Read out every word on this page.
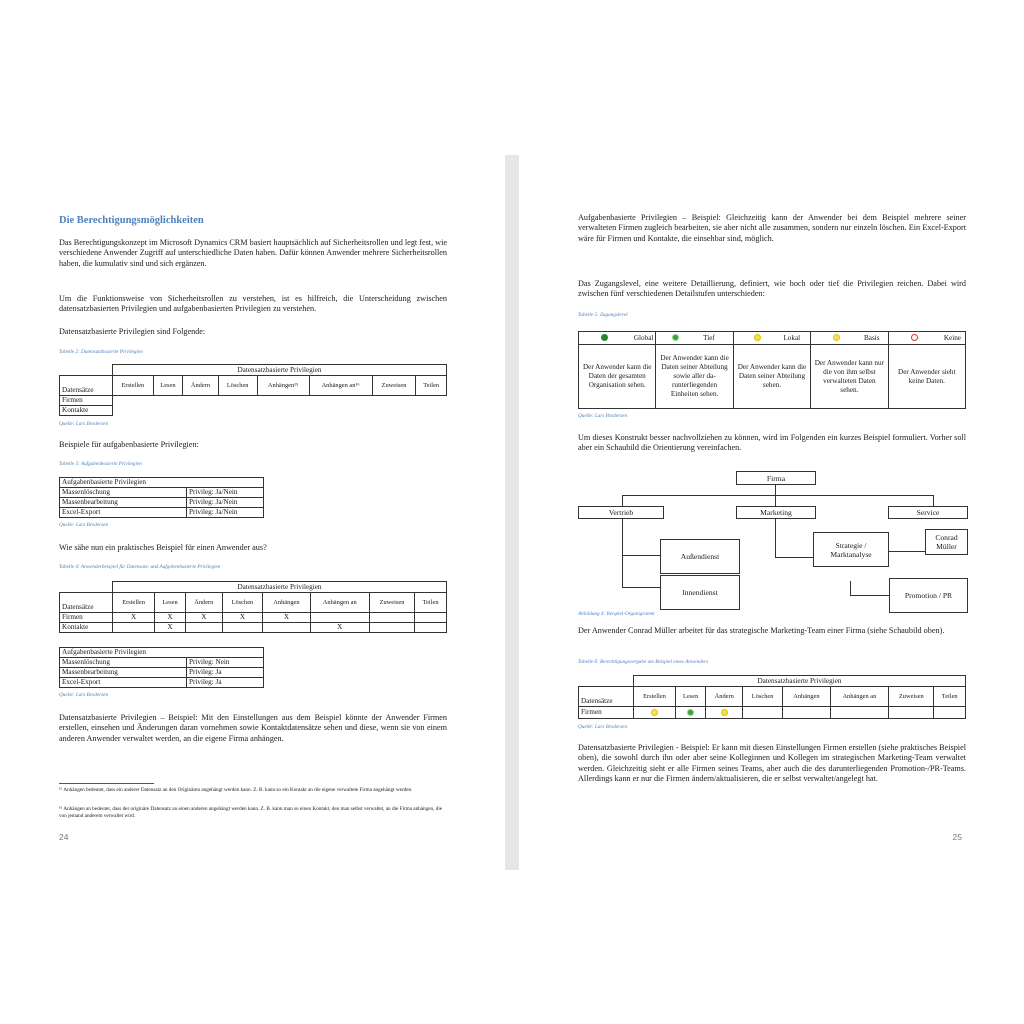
Die Berechtigungsmöglichkeiten

Das Berechtigungskonzept im Microsoft Dynamics CRM basiert hauptsächlich auf Sicherheitsrollen und legt fest, wie verschiedene Anwender Zugriff auf unterschiedliche Daten haben. Dafür können Anwender mehrere Sicherheitsrollen haben, die kumulativ sind und sich ergänzen.

Um die Funktionsweise von Sicherheitsrollen zu verstehen, ist es hilfreich, die Unterscheidung zwischen datensatzbasierten Privilegien und aufgabenbasierten Privilegien zu verstehen.

Datensatzbasierte Privilegien sind Folgende:

Tabelle 2: Datensatzbasierte Privilegien

	Datensatzbasierte Privilegien							
Datensätze	Erstellen	Lesen	Ändern	Löschen	Anhängen¹⁵	Anhängen an¹⁶	Zuweisen	Teilen
Firmen								
Kontakte								

Quelle: Lars Brodersen

Beispiele für aufgabenbasierte Privilegien:

Tabelle 3: Aufgabenbasierte Privilegien

Aufgabenbasierte Privilegien	
Massenlöschung	Privileg: Ja/Nein
Massenbearbeitung	Privileg: Ja/Nein
Excel-Export	Privileg: Ja/Nein

Quelle: Lars Brodersen

Wie sähe nun ein praktisches Beispiel für einen Anwender aus?

Tabelle 4: Anwenderbeispiel für Datensatz- und Aufgabenbasierte Privilegien

	Datensatzbasierte Privilegien							
Datensätze	Erstellen	Lesen	Ändern	Löschen	Anhängen	Anhängen an	Zuweisen	Teilen
Firmen	X	X	X	X	X			
Kontakte		X				X		
Aufgabenbasierte Privilegien	
Massenlöschung	Privileg: Nein
Massenbearbeitung	Privileg: Ja
Excel-Export	Privileg: Ja

Quelle: Lars Brodersen

Datensatzbasierte Privilegien – Beispiel: Mit den Einstellungen aus dem Beispiel könnte der Anwender Firmen erstellen, einsehen und Änderungen daran vornehmen sowie Kontaktdatensätze sehen und diese, wenn sie von einem anderen Anwender verwaltet werden, an die eigene Firma anhängen.

¹⁵ Anhängen bedeutet, dass ein anderer Datensatz an den Originären angehängt werden kann. Z. B. kann so ein Kontakt an die eigene verwaltete Firma angehängt werden.

¹⁶ Anhängen an bedeutet, dass der originäre Datensatz an einen anderen angehängt werden kann. Z. B. kann man so einen Kontakt, den man selbst verwaltet, an die Firma anhängen, die von jemand anderem verwaltet wird.

24

Aufgabenbasierte Privilegien – Beispiel: Gleichzeitig kann der Anwender bei dem Beispiel mehrere seiner verwalteten Firmen zugleich bearbeiten, sie aber nicht alle zusammen, sondern nur einzeln löschen. Ein Excel-Export wäre für Firmen und Kontakte, die einsehbar sind, möglich.

Das Zugangslevel, eine weitere Detaillierung, definiert, wie hoch oder tief die Privilegien reichen. Dabei wird zwischen fünf verschiedenen Detailstufen unterschieden:

Tabelle 5: Zugangslevel

Global	Tief	Lokal	Basis	Keine

Der Anwender kann die Daten der gesamten Organisation sehen.	Der Anwender kann die Daten seiner Abteilung sowie aller da-runterliegenden Einheiten sehen.	Der Anwender kann die Daten seiner Abteilung sehen.	Der Anwender kann nur die von ihm selbst verwalteten Daten sehen.	Der Anwender sieht keine Daten.

Quelle: Lars Brodersen

Um dieses Konstrukt besser nachvollziehen zu können, wird im Folgenden ein kurzes Beispiel formuliert. Vorher soll aber ein Schaubild die Orientierung vereinfachen.

Firma
Vertrieb	Marketing	Service
Außendienst
Strategie / Marktanalyse
Conrad Müller
Innendienst	Promotion / PR

Abbildung 4: Beispiel-Organigramm

Der Anwender Conrad Müller arbeitet für das strategische Marketing-Team einer Firma (siehe Schaubild oben).

Tabelle 6: Berechtigungsvergabe am Beispiel eines Anwenders

	Datensatzbasierte Privilegien							
Datensätze	Erstellen	Lesen	Ändern	Löschen	Anhängen	Anhängen an	Zuweisen	Teilen
Firmen								

Quelle: Lars Brodersen

Datensatzbasierte Privilegien - Beispiel: Er kann mit diesen Einstellungen Firmen erstellen (siehe praktisches Beispiel oben), die sowohl durch ihn oder aber seine Kolleginnen und Kollegen im strategischen Marketing-Team verwaltet werden. Gleichzeitig sieht er alle Firmen seines Teams, aber auch die des darunterliegenden Promotion-/PR-Teams. Allerdings kann er nur die Firmen ändern/aktualisieren, die er selbst verwaltet/angelegt hat.

25
